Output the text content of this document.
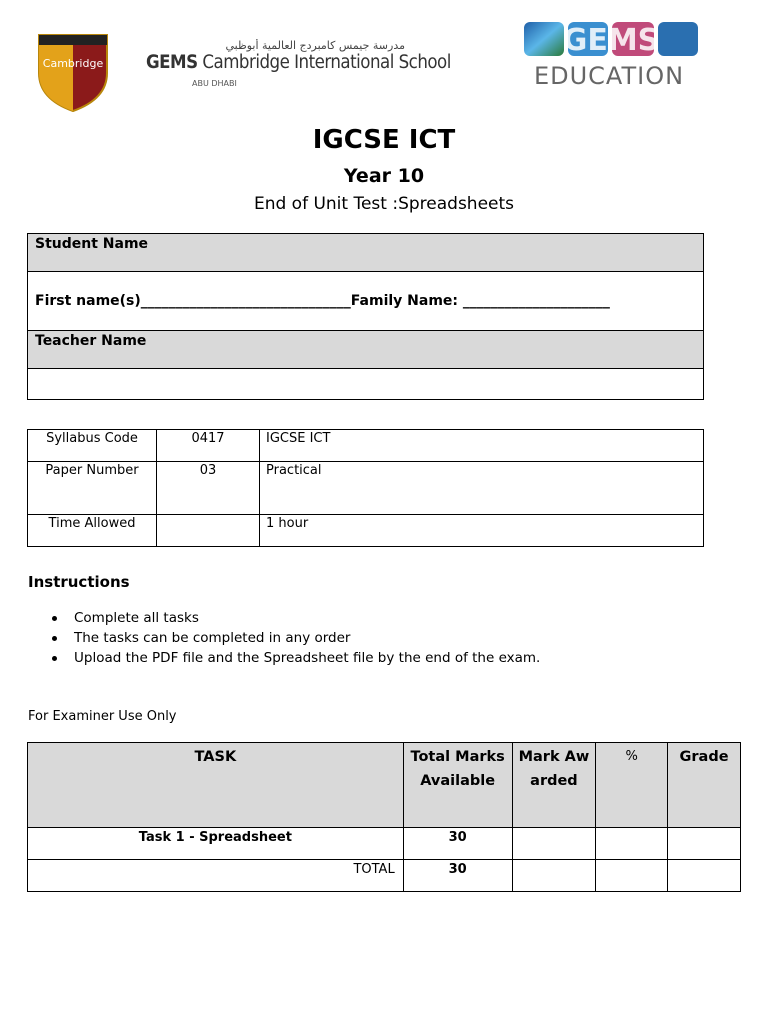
Cambridge
مدرسة جيمس كامبردج العالمية أبوظبي
GEMS Cambridge International School
ABU DHABI
GEMS
EDUCATION
IGCSE ICT
Year 10
End of Unit Test :Spreadsheets
Student Name
First name(s)______________________________Family Name: _____________________
Teacher Name

Syllabus Code	0417	IGCSE ICT
Paper Number	03	Practical
Time Allowed		1 hour
Instructions
Complete all tasks
The tasks can be completed in any order
Upload the PDF file and the Spreadsheet file by the end of the exam.
For Examiner Use Only
TASK	Total Marks Available	Mark Awarded	%	Grade
Task 1 - Spreadsheet	30			
TOTAL	30			
